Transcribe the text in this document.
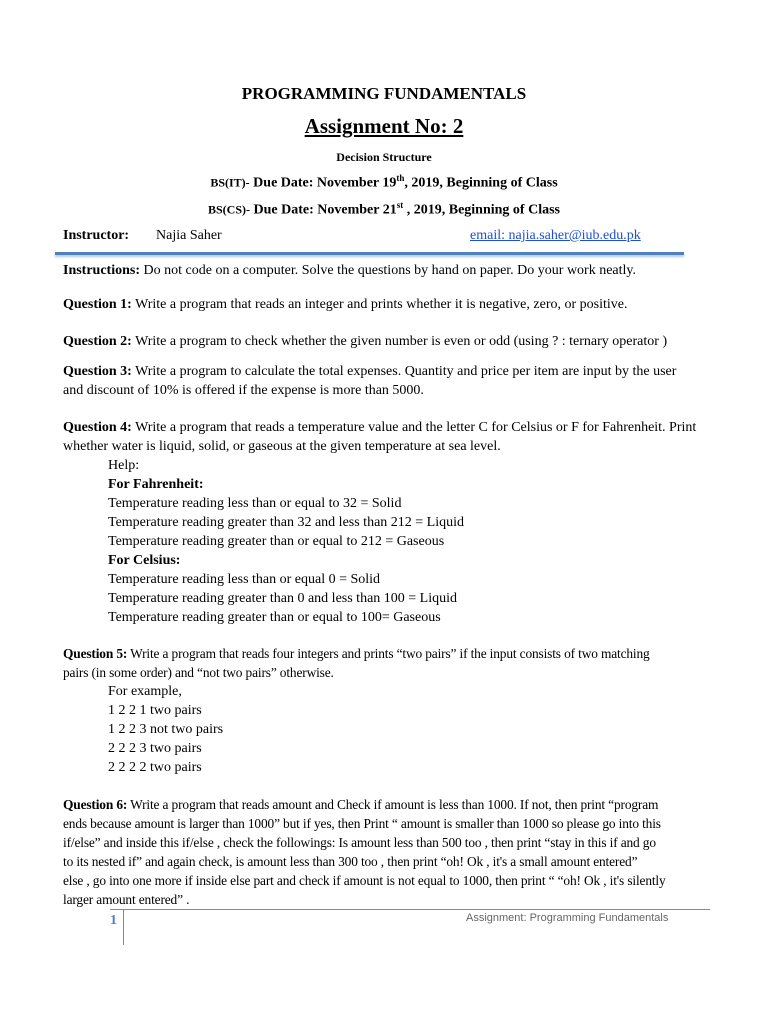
PROGRAMMING FUNDAMENTALS
Assignment No: 2
Decision Structure
BS(IT)- Due Date: November 19th, 2019, Beginning of Class
BS(CS)- Due Date: November 21st , 2019, Beginning of Class
Instructor: Najia Saher	email: najia.saher@iub.edu.pk
Instructions: Do not code on a computer. Solve the questions by hand on paper. Do your work neatly.
Question 1: Write a program that reads an integer and prints whether it is negative, zero, or positive.
Question 2: Write a program to check whether the given number is even or odd (using ? : ternary operator )
Question 3: Write a program to calculate the total expenses. Quantity and price per item are input by the user
and discount of 10% is offered if the expense is more than 5000.
Question 4: Write a program that reads a temperature value and the letter C for Celsius or F for Fahrenheit. Print
whether water is liquid, solid, or gaseous at the given temperature at sea level.
Help:
For Fahrenheit:
Temperature reading less than or equal to 32 = Solid
Temperature reading greater than 32 and less than 212 = Liquid
Temperature reading greater than or equal to 212 = Gaseous
For Celsius:
Temperature reading less than or equal 0 = Solid
Temperature reading greater than 0 and less than 100 = Liquid
Temperature reading greater than or equal to 100= Gaseous
Question 5: Write a program that reads four integers and prints “two pairs” if the input consists of two matching
pairs (in some order) and “not two pairs” otherwise.
For example,
1 2 2 1 two pairs
1 2 2 3 not two pairs
2 2 2 3 two pairs
2 2 2 2 two pairs
Question 6: Write a program that reads amount and Check if amount is less than 1000. If not, then print “program
ends because amount is larger than 1000” but if yes, then Print “ amount is smaller than 1000 so please go into this
if/else” and inside this if/else , check the followings: Is amount less than 500 too , then print “stay in this if and go
to its nested if” and again check, is amount less than 300 too , then print “oh! Ok , it's a small amount entered”
else , go into one more if inside else part and check if amount is not equal to 1000, then print “ “oh! Ok , it's silently
larger amount entered” .
1	Assignment: Programming Fundamentals
